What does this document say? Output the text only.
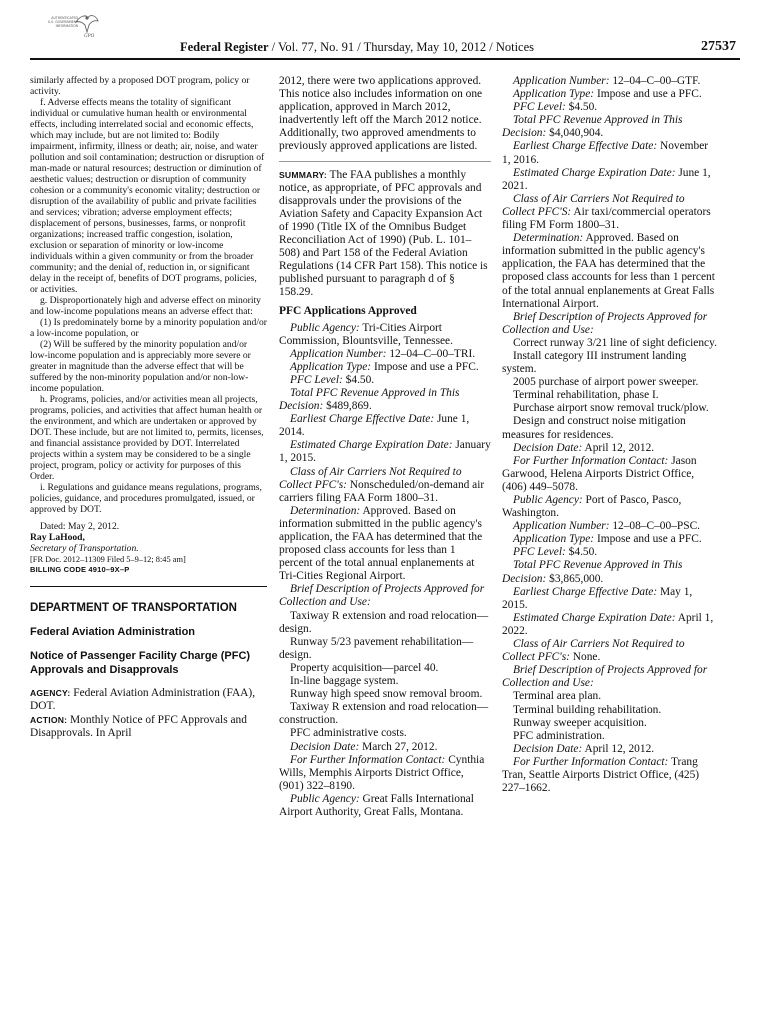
AUTHENTICATED
U.S. GOVERNMENT
INFORMATION
GPO
Federal Register / Vol. 77, No. 91 / Thursday, May 10, 2012 / Notices	27537

similarly affected by a proposed DOT program, policy or activity.

f. Adverse effects means the totality of significant individual or cumulative human health or environmental effects, including interrelated social and economic effects, which may include, but are not limited to: Bodily impairment, infirmity, illness or death; air, noise, and water pollution and soil contamination; destruction or disruption of man-made or natural resources; destruction or diminution of aesthetic values; destruction or disruption of community cohesion or a community's economic vitality; destruction or disruption of the availability of public and private facilities and services; vibration; adverse employment effects; displacement of persons, businesses, farms, or nonprofit organizations; increased traffic congestion, isolation, exclusion or separation of minority or low-income individuals within a given community or from the broader community; and the denial of, reduction in, or significant delay in the receipt of, benefits of DOT programs, policies, or activities.

g. Disproportionately high and adverse effect on minority and low-income populations means an adverse effect that:

(1) Is predominately borne by a minority population and/or a low-income population, or

(2) Will be suffered by the minority population and/or low-income population and is appreciably more severe or greater in magnitude than the adverse effect that will be suffered by the non-minority population and/or non-low-income population.

h. Programs, policies, and/or activities mean all projects, programs, policies, and activities that affect human health or the environment, and which are undertaken or approved by DOT. These include, but are not limited to, permits, licenses, and financial assistance provided by DOT. Interrelated projects within a system may be considered to be a single project, program, policy or activity for purposes of this Order.

i. Regulations and guidance means regulations, programs, policies, guidance, and procedures promulgated, issued, or approved by DOT.

Dated: May 2, 2012.

Ray LaHood,

Secretary of Transportation.

[FR Doc. 2012–11309 Filed 5–9–12; 8:45 am]

BILLING CODE 4910–9X–P

DEPARTMENT OF TRANSPORTATION

Federal Aviation Administration

Notice of Passenger Facility Charge (PFC) Approvals and Disapprovals

AGENCY: Federal Aviation Administration (FAA), DOT.

ACTION: Monthly Notice of PFC Approvals and Disapprovals. In April

2012, there were two applications approved. This notice also includes information on one application, approved in March 2012, inadvertently left off the March 2012 notice. Additionally, two approved amendments to previously approved applications are listed.

SUMMARY: The FAA publishes a monthly notice, as appropriate, of PFC approvals and disapprovals under the provisions of the Aviation Safety and Capacity Expansion Act of 1990 (Title IX of the Omnibus Budget Reconciliation Act of 1990) (Pub. L. 101–508) and Part 158 of the Federal Aviation Regulations (14 CFR Part 158). This notice is published pursuant to paragraph d of § 158.29.

PFC Applications Approved

Public Agency: Tri-Cities Airport Commission, Blountsville, Tennessee.

Application Number: 12–04–C–00–TRI.

Application Type: Impose and use a PFC.

PFC Level: $4.50.

Total PFC Revenue Approved in This Decision: $489,869.

Earliest Charge Effective Date: June 1, 2014.

Estimated Charge Expiration Date: January 1, 2015.

Class of Air Carriers Not Required to Collect PFC's: Nonscheduled/on-demand air carriers filing FAA Form 1800–31.

Determination: Approved. Based on information submitted in the public agency's application, the FAA has determined that the proposed class accounts for less than 1 percent of the total annual enplanements at Tri-Cities Regional Airport.

Brief Description of Projects Approved for Collection and Use:

Taxiway R extension and road relocation—design.

Runway 5/23 pavement rehabilitation—design.

Property acquisition—parcel 40.

In-line baggage system.

Runway high speed snow removal broom.

Taxiway R extension and road relocation—construction.

PFC administrative costs.

Decision Date: March 27, 2012.

For Further Information Contact: Cynthia Wills, Memphis Airports District Office, (901) 322–8190.

Public Agency: Great Falls International Airport Authority, Great Falls, Montana.

Application Number: 12–04–C–00–GTF.

Application Type: Impose and use a PFC.

PFC Level: $4.50.

Total PFC Revenue Approved in This Decision: $4,040,904.

Earliest Charge Effective Date: November 1, 2016.

Estimated Charge Expiration Date: June 1, 2021.

Class of Air Carriers Not Required to Collect PFC'S: Air taxi/commercial operators filing FM Form 1800–31.

Determination: Approved. Based on information submitted in the public agency's application, the FAA has determined that the proposed class accounts for less than 1 percent of the total annual enplanements at Great Falls International Airport.

Brief Description of Projects Approved for Collection and Use:

Correct runway 3/21 line of sight deficiency.

Install category III instrument landing system.

2005 purchase of airport power sweeper.

Terminal rehabilitation, phase I.

Purchase airport snow removal truck/plow.

Design and construct noise mitigation measures for residences.

Decision Date: April 12, 2012.

For Further Information Contact: Jason Garwood, Helena Airports District Office, (406) 449–5078.

Public Agency: Port of Pasco, Pasco, Washington.

Application Number: 12–08–C–00–PSC.

Application Type: Impose and use a PFC.

PFC Level: $4.50.

Total PFC Revenue Approved in This Decision: $3,865,000.

Earliest Charge Effective Date: May 1, 2015.

Estimated Charge Expiration Date: April 1, 2022.

Class of Air Carriers Not Required to Collect PFC's: None.

Brief Description of Projects Approved for Collection and Use:

Terminal area plan.

Terminal building rehabilitation.

Runway sweeper acquisition.

PFC administration.

Decision Date: April 12, 2012.

For Further Information Contact: Trang Tran, Seattle Airports District Office, (425) 227–1662.
